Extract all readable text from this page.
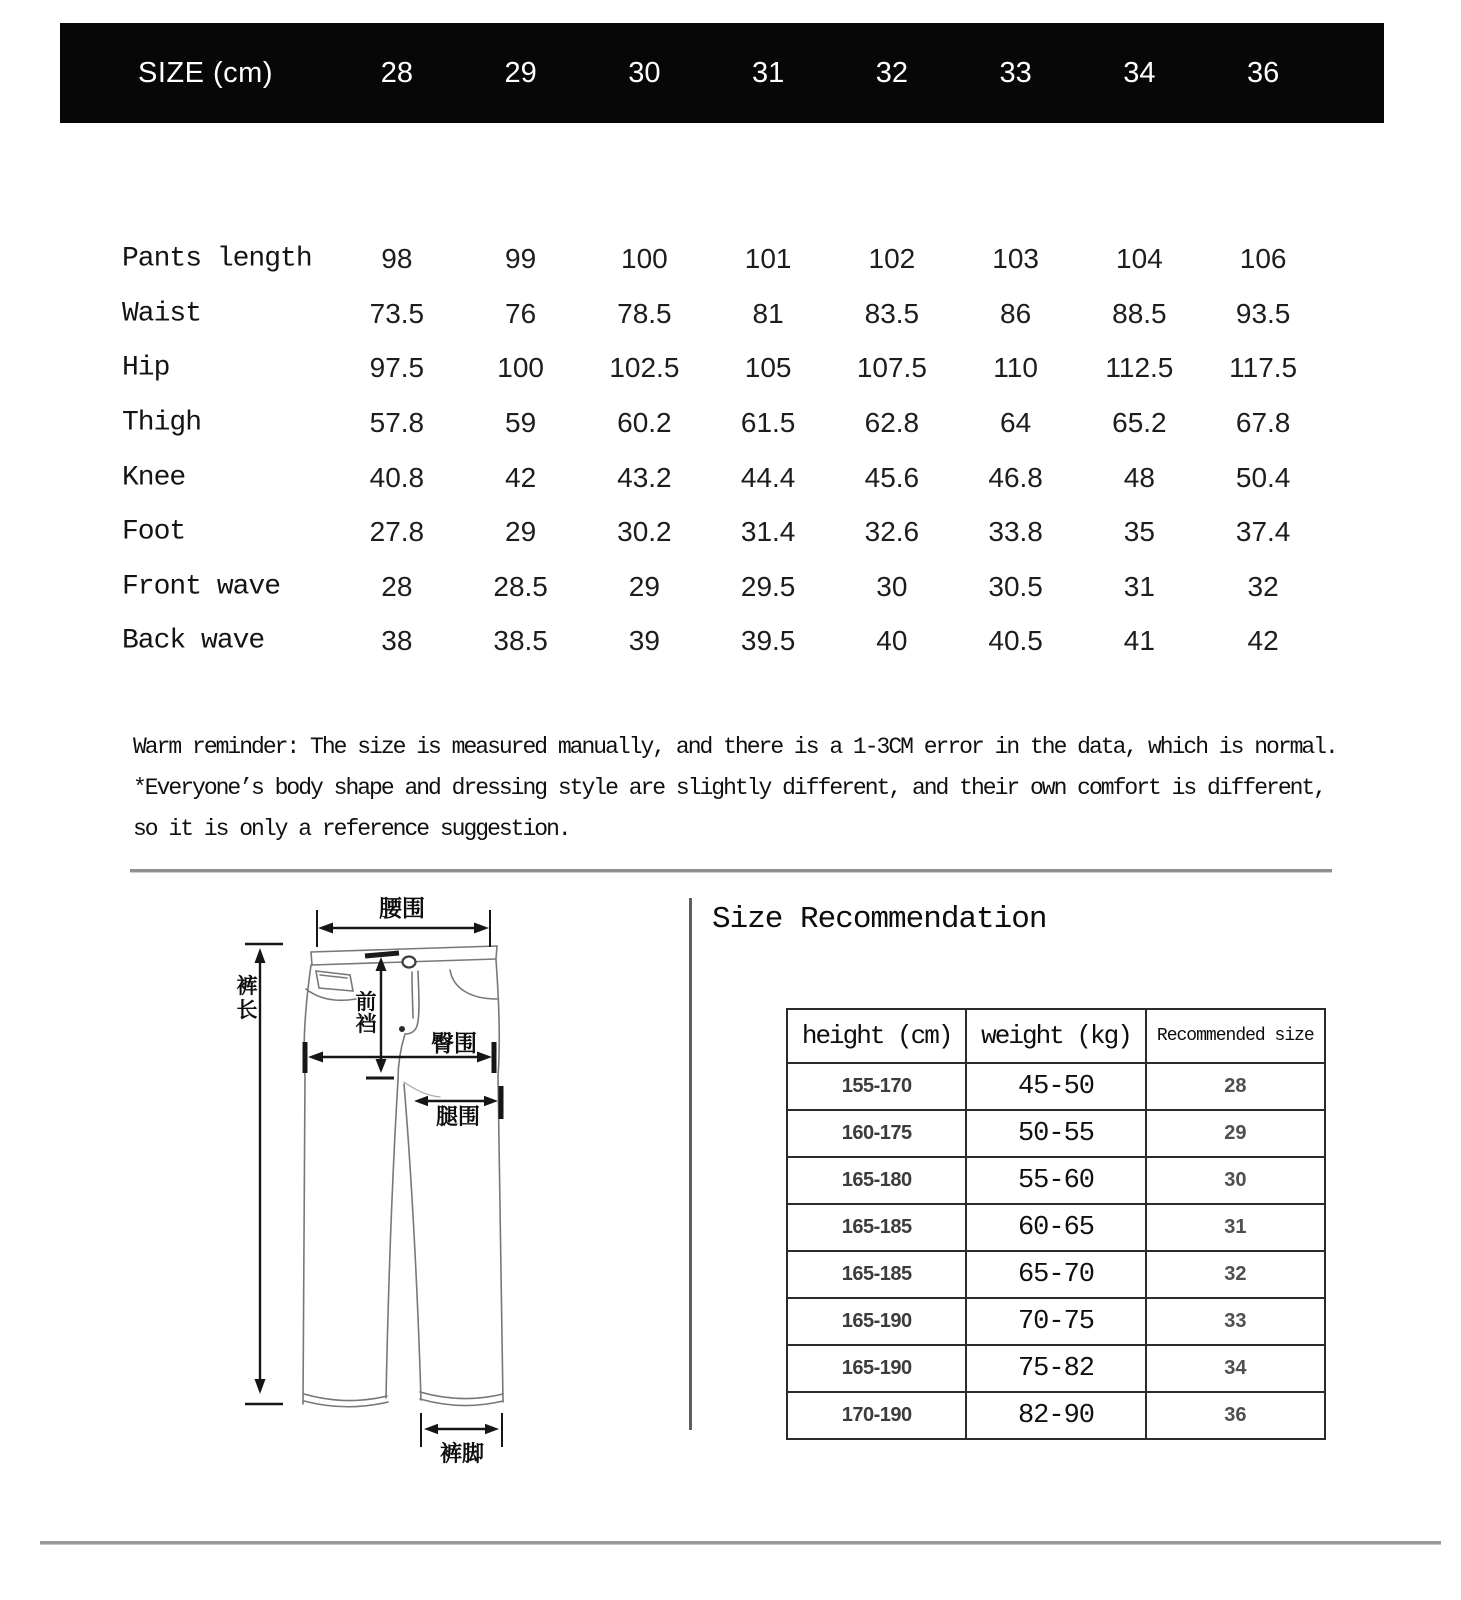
SIZE (cm)	28	29	30	31	32	33	34	36
Pants length	98	99	100	101	102	103	104	106
Waist	73.5	76	78.5	81	83.5	86	88.5	93.5
Hip	97.5	100	102.5	105	107.5	110	112.5	117.5
Thigh	57.8	59	60.2	61.5	62.8	64	65.2	67.8
Knee	40.8	42	43.2	44.4	45.6	46.8	48	50.4
Foot	27.8	29	30.2	31.4	32.6	33.8	35	37.4
Front wave	28	28.5	29	29.5	30	30.5	31	32
Back wave	38	38.5	39	39.5	40	40.5	41	42
Warm reminder: The size is measured manually, and there is a 1-3CM error in the data, which is normal.
*Everyone’s body shape and dressing style are slightly different, and their own comfort is different,
so it is only a reference suggestion.
腰围
裤
长	前
裆
臀围
腿围
裤脚
Size Recommendation
height (cm)	weight (kg)	Recommended size
155-170	45-50	28
160-175	50-55	29
165-180	55-60	30
165-185	60-65	31
165-185	65-70	32
165-190	70-75	33
165-190	75-82	34
170-190	82-90	36
